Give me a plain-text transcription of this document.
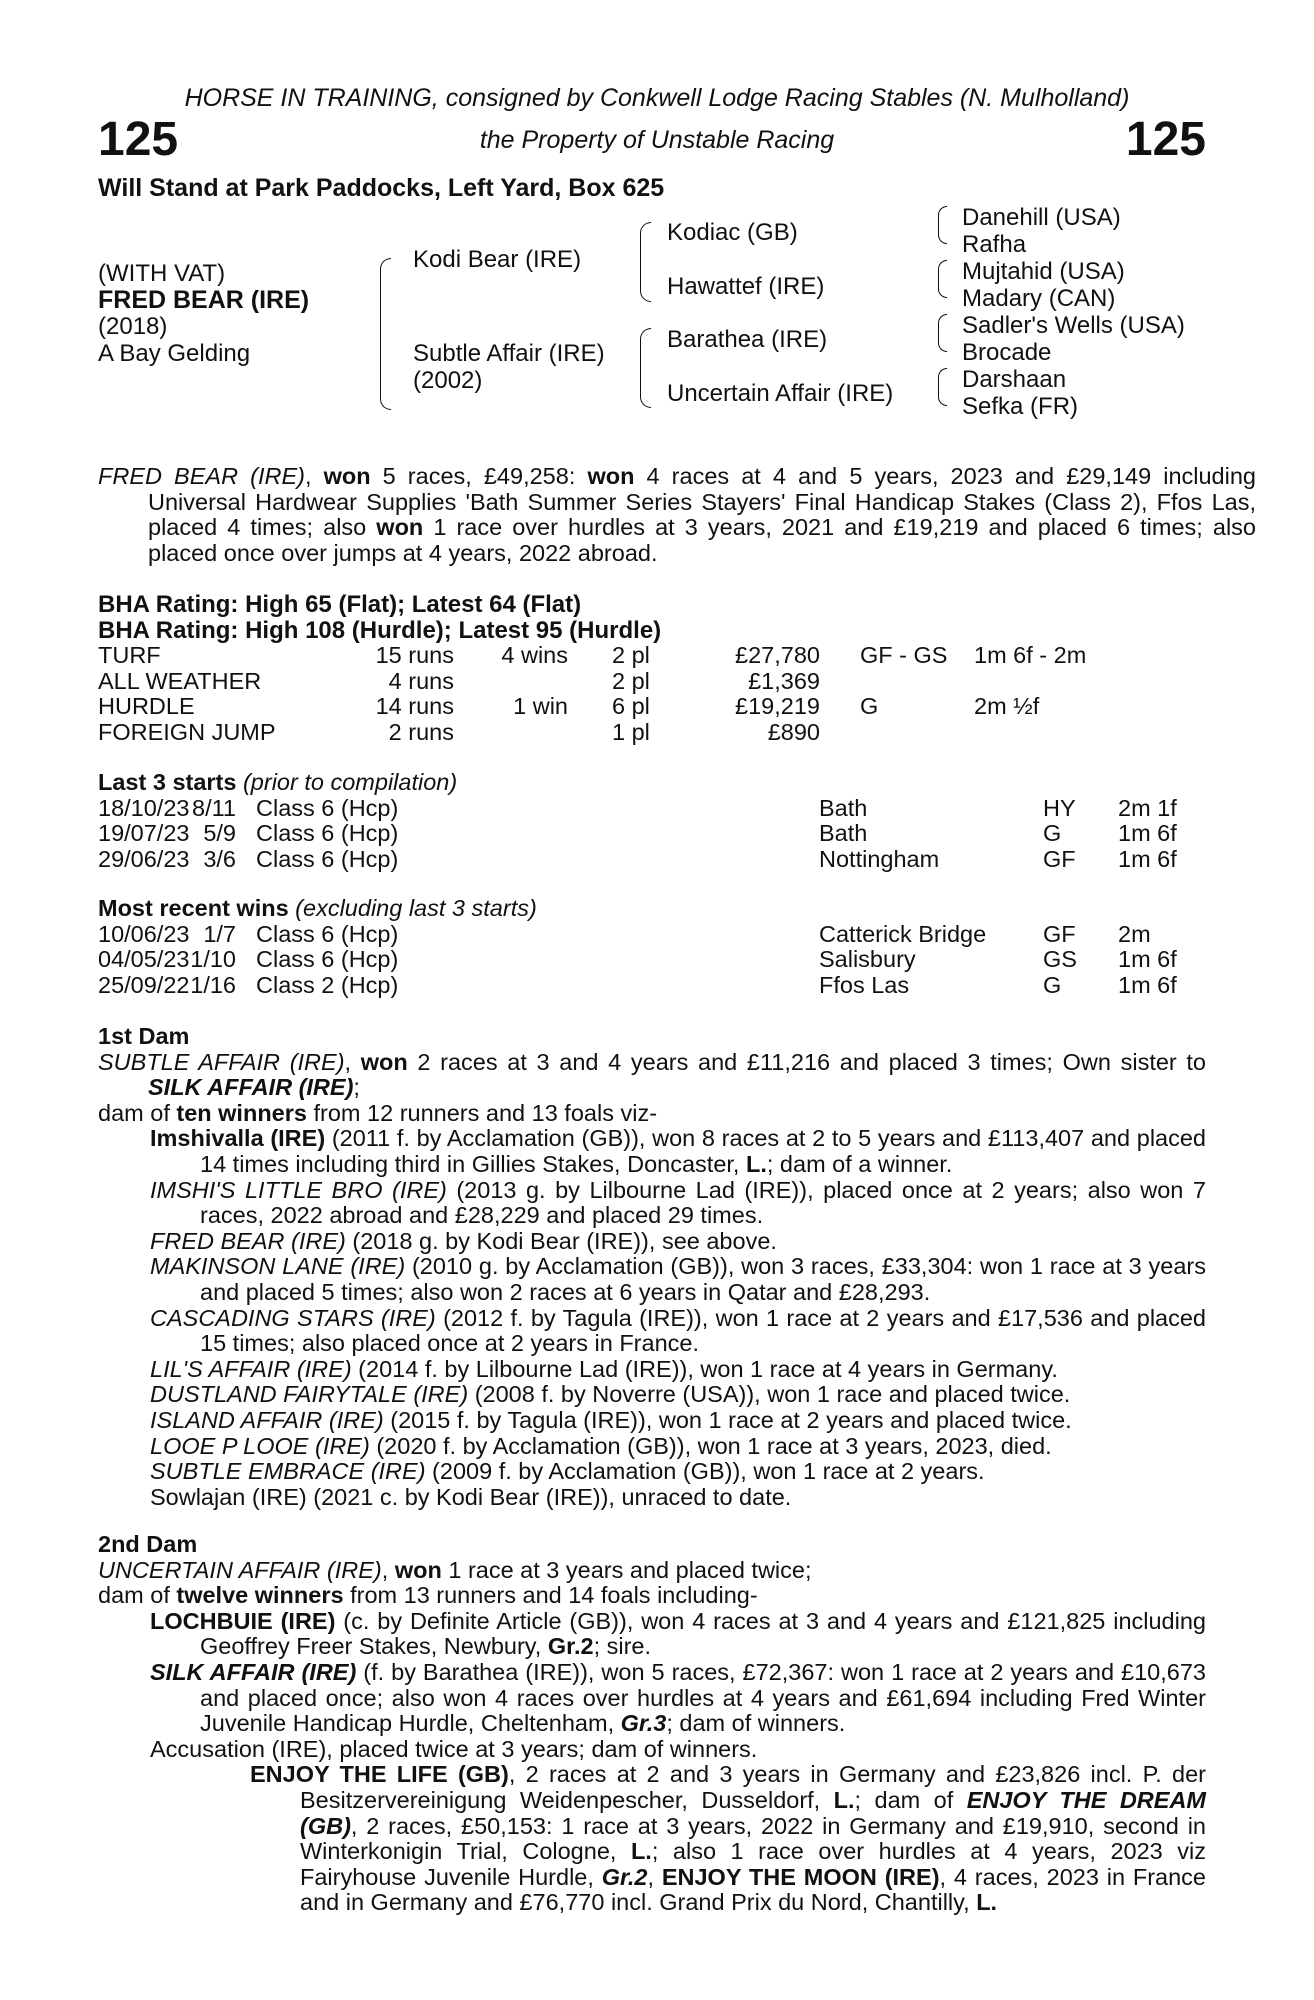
HORSE IN TRAINING, consigned by Conkwell Lodge Racing Stables (N. Mulholland)
125	the Property of Unstable Racing	125
Will Stand at Park Paddocks, Left Yard, Box 625
(WITH VAT)
FRED BEAR (IRE)
(2018)
A Bay Gelding
Kodi Bear (IRE)
Subtle Affair (IRE)
(2002)
Kodiac (GB)
Hawattef (IRE)
Barathea (IRE)
Uncertain Affair (IRE)
Danehill (USA)
Rafha
Mujtahid (USA)
Madary (CAN)
Sadler's Wells (USA)
Brocade
Darshaan
Sefka (FR)
FRED BEAR (IRE), won 5 races, £49,258: won 4 races at 4 and 5 years, 2023 and £29,149 including Universal Hardwear Supplies 'Bath Summer Series Stayers' Final Handicap Stakes (Class 2), Ffos Las, placed 4 times; also won 1 race over hurdles at 3 years, 2021 and £19,219 and placed 6 times; also placed once over jumps at 4 years, 2022 abroad.

BHA Rating: High 65 (Flat); Latest 64 (Flat)

BHA Rating: High 108 (Hurdle); Latest 95 (Hurdle)

TURF	15 runs 4 wins 2 pl	£27,780 GF - GS 1m 6f - 2m
ALL WEATHER	4 runs	2 pl	£1,369
HURDLE	14 runs	1 win 6 pl	£19,219 G	2m ½f
FOREIGN JUMP	2 runs	1 pl	£890

Last 3 starts (prior to compilation)

18/10/23 8/11 Class 6 (Hcp)	Bath	HY 2m 1f
19/07/23 5/9 Class 6 (Hcp)	Bath	G 1m 6f
29/06/23 3/6 Class 6 (Hcp)	Nottingham	GF 1m 6f

Most recent wins (excluding last 3 starts)

10/06/23 1/7 Class 6 (Hcp)	Catterick Bridge GF 2m
04/05/23 1/10 Class 6 (Hcp)	Salisbury	GS 1m 6f
25/09/22 1/16 Class 2 (Hcp)	Ffos Las	G 1m 6f

1st Dam

SUBTLE AFFAIR (IRE), won 2 races at 3 and 4 years and £11,216 and placed 3 times; Own sister to SILK AFFAIR (IRE);

dam of ten winners from 12 runners and 13 foals viz-

Imshivalla (IRE) (2011 f. by Acclamation (GB)), won 8 races at 2 to 5 years and £113,407 and placed 14 times including third in Gillies Stakes, Doncaster, L.; dam of a winner.

IMSHI'S LITTLE BRO (IRE) (2013 g. by Lilbourne Lad (IRE)), placed once at 2 years; also won 7 races, 2022 abroad and £28,229 and placed 29 times.

FRED BEAR (IRE) (2018 g. by Kodi Bear (IRE)), see above.

MAKINSON LANE (IRE) (2010 g. by Acclamation (GB)), won 3 races, £33,304: won 1 race at 3 years and placed 5 times; also won 2 races at 6 years in Qatar and £28,293.

CASCADING STARS (IRE) (2012 f. by Tagula (IRE)), won 1 race at 2 years and £17,536 and placed 15 times; also placed once at 2 years in France.

LIL'S AFFAIR (IRE) (2014 f. by Lilbourne Lad (IRE)), won 1 race at 4 years in Germany.

DUSTLAND FAIRYTALE (IRE) (2008 f. by Noverre (USA)), won 1 race and placed twice.

ISLAND AFFAIR (IRE) (2015 f. by Tagula (IRE)), won 1 race at 2 years and placed twice.

LOOE P LOOE (IRE) (2020 f. by Acclamation (GB)), won 1 race at 3 years, 2023, died.

SUBTLE EMBRACE (IRE) (2009 f. by Acclamation (GB)), won 1 race at 2 years.

Sowlajan (IRE) (2021 c. by Kodi Bear (IRE)), unraced to date.

2nd Dam

UNCERTAIN AFFAIR (IRE), won 1 race at 3 years and placed twice;

dam of twelve winners from 13 runners and 14 foals including-

LOCHBUIE (IRE) (c. by Definite Article (GB)), won 4 races at 3 and 4 years and £121,825 including Geoffrey Freer Stakes, Newbury, Gr.2; sire.

SILK AFFAIR (IRE) (f. by Barathea (IRE)), won 5 races, £72,367: won 1 race at 2 years and £10,673 and placed once; also won 4 races over hurdles at 4 years and £61,694 including Fred Winter Juvenile Handicap Hurdle, Cheltenham, Gr.3; dam of winners.

Accusation (IRE), placed twice at 3 years; dam of winners.

ENJOY THE LIFE (GB), 2 races at 2 and 3 years in Germany and £23,826 incl. P. der Besitzervereinigung Weidenpescher, Dusseldorf, L.; dam of ENJOY THE DREAM (GB), 2 races, £50,153: 1 race at 3 years, 2022 in Germany and £19,910, second in Winterkonigin Trial, Cologne, L.; also 1 race over hurdles at 4 years, 2023 viz Fairyhouse Juvenile Hurdle, Gr.2, ENJOY THE MOON (IRE), 4 races, 2023 in France and in Germany and £76,770 incl. Grand Prix du Nord, Chantilly, L.
